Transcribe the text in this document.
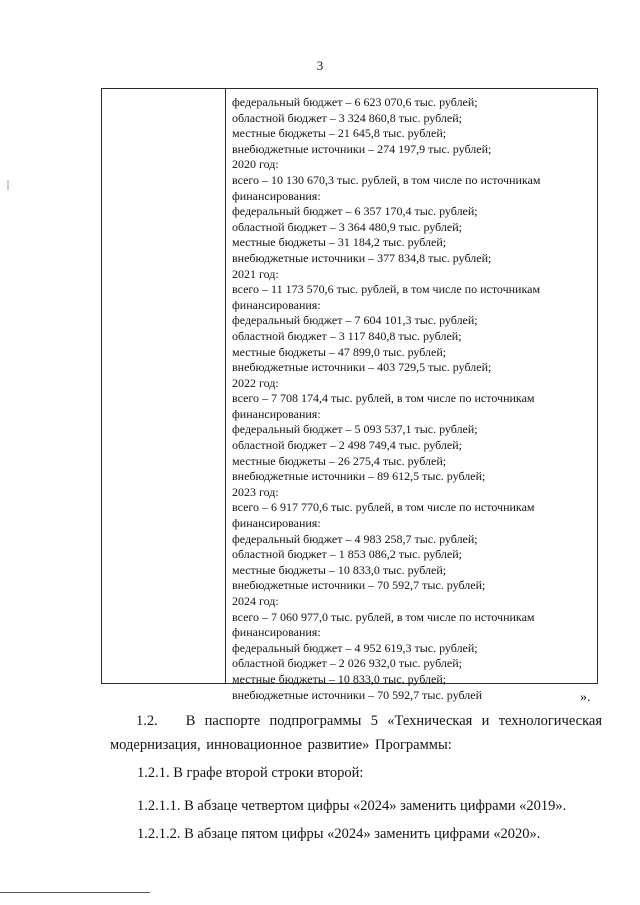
3
федеральный бюджет – 6 623 070,6 тыс. рублей;
областной бюджет – 3 324 860,8 тыс. рублей;
местные бюджеты – 21 645,8 тыс. рублей;
внебюджетные источники – 274 197,9 тыс. рублей;
2020 год:
всего – 10 130 670,3 тыс. рублей, в том числе по источникам
финансирования:
федеральный бюджет – 6 357 170,4 тыс. рублей;
областной бюджет – 3 364 480,9 тыс. рублей;
местные бюджеты – 31 184,2 тыс. рублей;
внебюджетные источники – 377 834,8 тыс. рублей;
2021 год:
всего – 11 173 570,6 тыс. рублей, в том числе по источникам
финансирования:
федеральный бюджет – 7 604 101,3 тыс. рублей;
областной бюджет – 3 117 840,8 тыс. рублей;
местные бюджеты – 47 899,0 тыс. рублей;
внебюджетные источники – 403 729,5 тыс. рублей;
2022 год:
всего – 7 708 174,4 тыс. рублей, в том числе по источникам
финансирования:
федеральный бюджет – 5 093 537,1 тыс. рублей;
областной бюджет – 2 498 749,4 тыс. рублей;
местные бюджеты – 26 275,4 тыс. рублей;
внебюджетные источники – 89 612,5 тыс. рублей;
2023 год:
всего – 6 917 770,6 тыс. рублей, в том числе по источникам
финансирования:
федеральный бюджет – 4 983 258,7 тыс. рублей;
областной бюджет – 1 853 086,2 тыс. рублей;
местные бюджеты – 10 833,0 тыс. рублей;
внебюджетные источники – 70 592,7 тыс. рублей;
2024 год:
всего – 7 060 977,0 тыс. рублей, в том числе по источникам
финансирования:
федеральный бюджет – 4 952 619,3 тыс. рублей;
областной бюджет – 2 026 932,0 тыс. рублей;
местные бюджеты – 10 833,0 тыс. рублей;
внебюджетные источники – 70 592,7 тыс. рублей	».
1.2.   В паспорте подпрограммы 5 «Техническая и технологическая модернизация, инновационное развитие» Программы:
1.2.1. В графе второй строки второй:
1.2.1.1. В абзаце четвертом цифры «2024» заменить цифрами «2019».
1.2.1.2. В абзаце пятом цифры «2024» заменить цифрами «2020».
